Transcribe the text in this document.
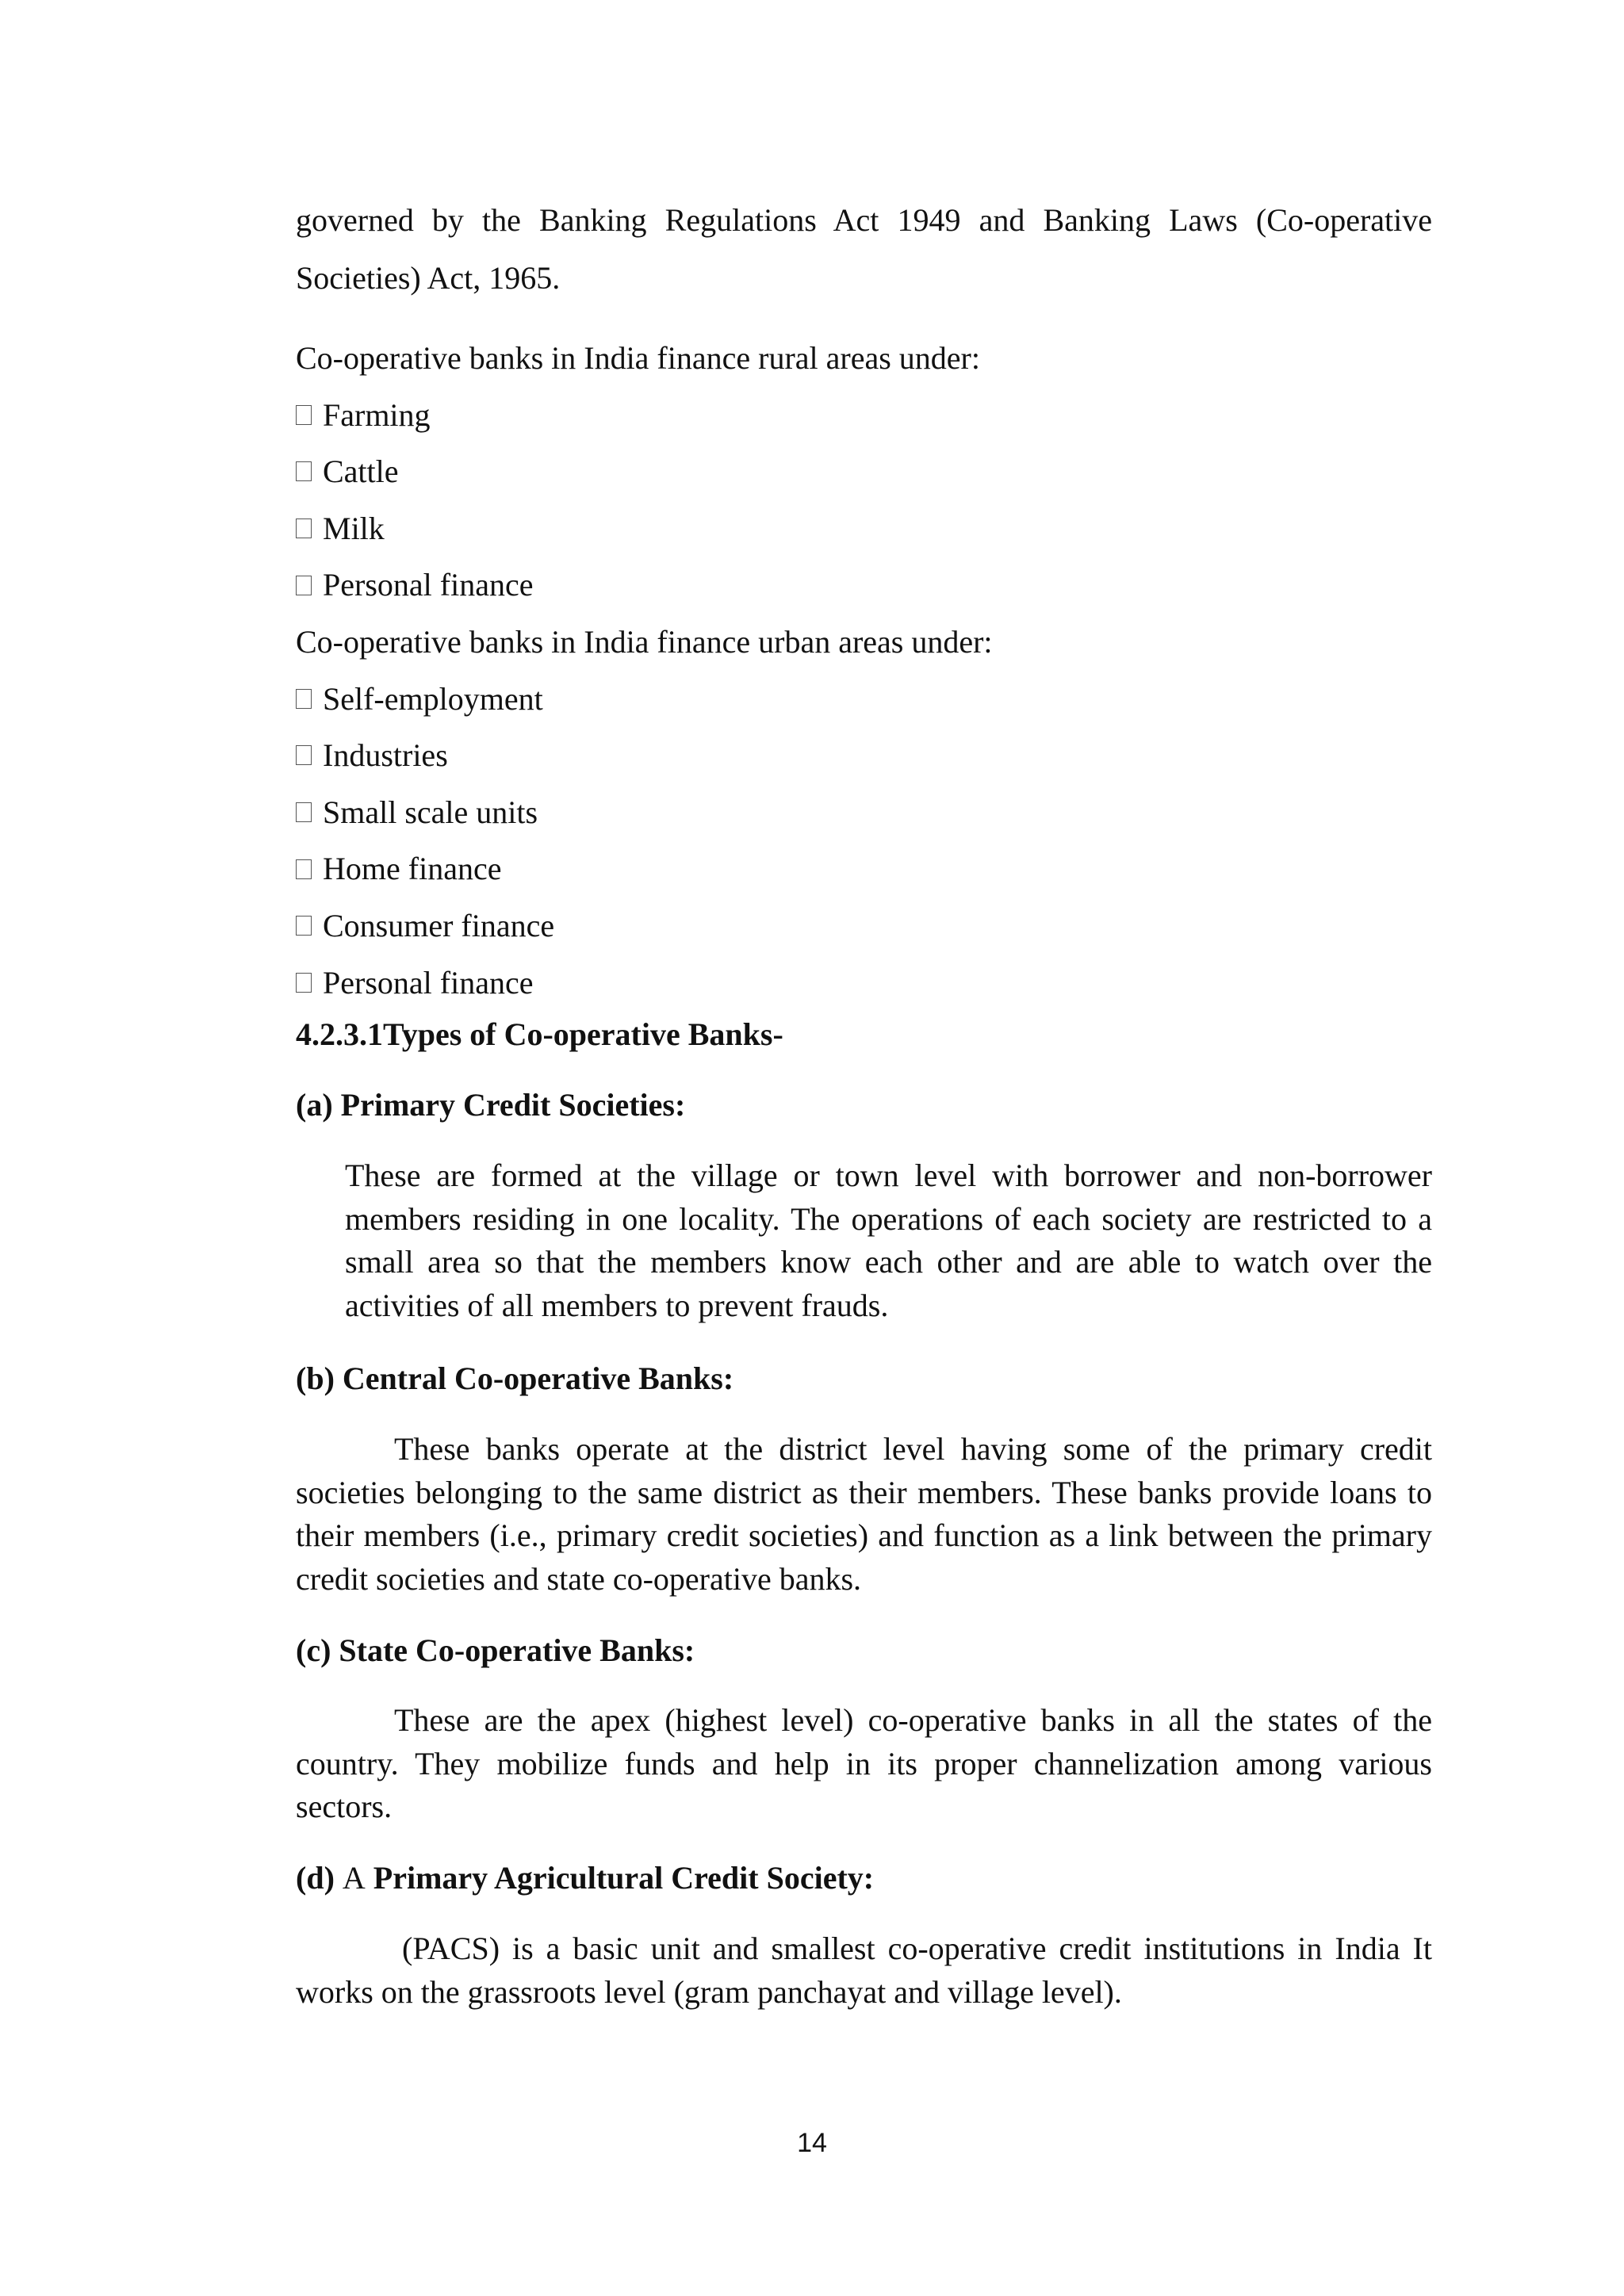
governed by the Banking Regulations Act 1949 and Banking Laws (Co-operative Societies) Act, 1965.

Co-operative banks in India finance rural areas under:
Farming
Cattle
Milk
Personal finance
Co-operative banks in India finance urban areas under:
Self-employment
Industries
Small scale units
Home finance
Consumer finance
Personal finance
4.2.3.1Types of Co-operative Banks-
(a) Primary Credit Societies:

These are formed at the village or town level with borrower and non-borrower members residing in one locality. The operations of each society are restricted to a small area so that the members know each other and are able to watch over the activities of all members to prevent frauds.

(b) Central Co-operative Banks:

These banks operate at the district level having some of the primary credit societies belonging to the same district as their members. These banks provide loans to their members (i.e., primary credit societies) and function as a link between the primary credit societies and state co-operative banks.

(c) State Co-operative Banks:

These are the apex (highest level) co-operative banks in all the states of the country. They mobilize funds and help in its proper channelization among various sectors.

(d) A Primary Agricultural Credit Society:

(PACS) is a basic unit and smallest co-operative credit institutions in India It works on the grassroots level (gram panchayat and village level).

14
